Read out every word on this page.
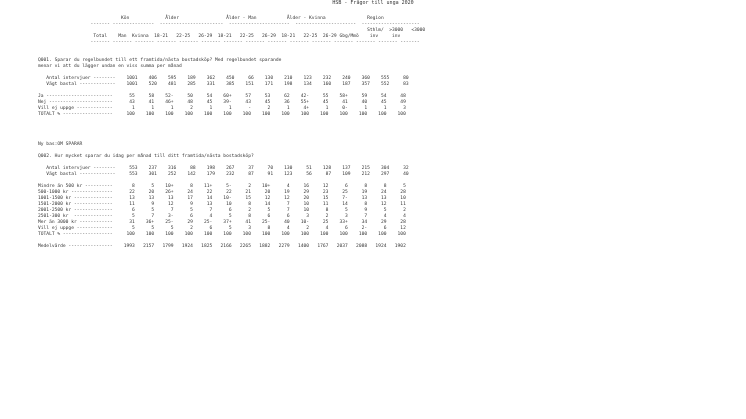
HSB - Frågor till unga 2020
Kön             Ålder                 Ålder - Man           Ålder - Kvinna               Region
------- ---------------  -----------------------  ----------------------  ----------------------  ---------------------
Sthlm/  >3000   <3000
Total    Man  Kvinna  18-21   22-25   26-29  18-21   22-25   26-29  18-21   22-25  26-29 Gbg/Mmö    inv     inv
------- ------- ------- ------- ------- ------- ------- ------- ------- ------- ------- ------- ------- ------- -------
Q001. Sparar du regelbundet till ett framtida/nästa bostadsköp? Med regelbundet sparande
menar vi att du lägger undan en viss summa per månad
Antal intervjuer --------    1001    406    595    189    362    450     66    130    210    123    232    240    360    555     80
Vägt bastal -------------    1001    520    481    285    331    385    151    171    198    134    160    187    357    552     83
Ja ------------------------      55     58    52-     50     54    60+     57     53     62    42-     55    58+     59     54     48
Nej -----------------------      43     41    46+     48     45    39-     43     45     36    55+     45     41     40     45     49
Vill ej uppge -------------       1      1      1      2      1      1      -      2      1     4+      1     0-      1      1      3
TOTALT % ------------------     100    100    100    100    100    100    100    100    100    100    100    100    100    100    100
Ny bas:OM SPARAR
Q002. Hur mycket sparar du idag per månad till ditt framtida/nästa bostadsköp?
Antal intervjuer --------     553    237    316     88    198    267     37     70    130     51    128    137    215    304     32
Vägt bastal -------------     553    301    252    142    179    232     87     91    123     56     87    109    212    297     40
Mindre än 500 kr ----------       8      5    10+      8    11+     5-      2    10+      4     16     12      6      8      8      5
500-1000 kr ---------------      22     20    26+     24     22     22     21     20     19     29     23     25     19     24     28
1001-1500 kr --------------      13     13     13     17     14    10-     15     12     12     20     15     7-     13     13     10
1501-2000 kr --------------      11      9     12      9     13     10      8     14      7     10     11     14      8     12     11
2001-2500 kr --------------       6      5      7      5      7      6      2      5      7     10      8      5      9      5      2
2501-300 kr  --------------       5      7     3-      6      4      5      8      6      6      3      2      3      7      4      4
Mer än 3000 kr ------------      31    36+    25-     29    25-    37+     41    25-     40    10-     25    33+     34     29     28
Vill ej uppge -------------       5      5      5      2      6      5      3      8      4      2      4      6     2-      6     12
TOTALT % ------------------     100    100    100    100    100    100    100    100    100    100    100    100    100    100    100
Medelvärde ----------------    1993   2157   1799   1924   1825   2166   2265   1882   2279   1400   1767   2037   2088   1924   1902
